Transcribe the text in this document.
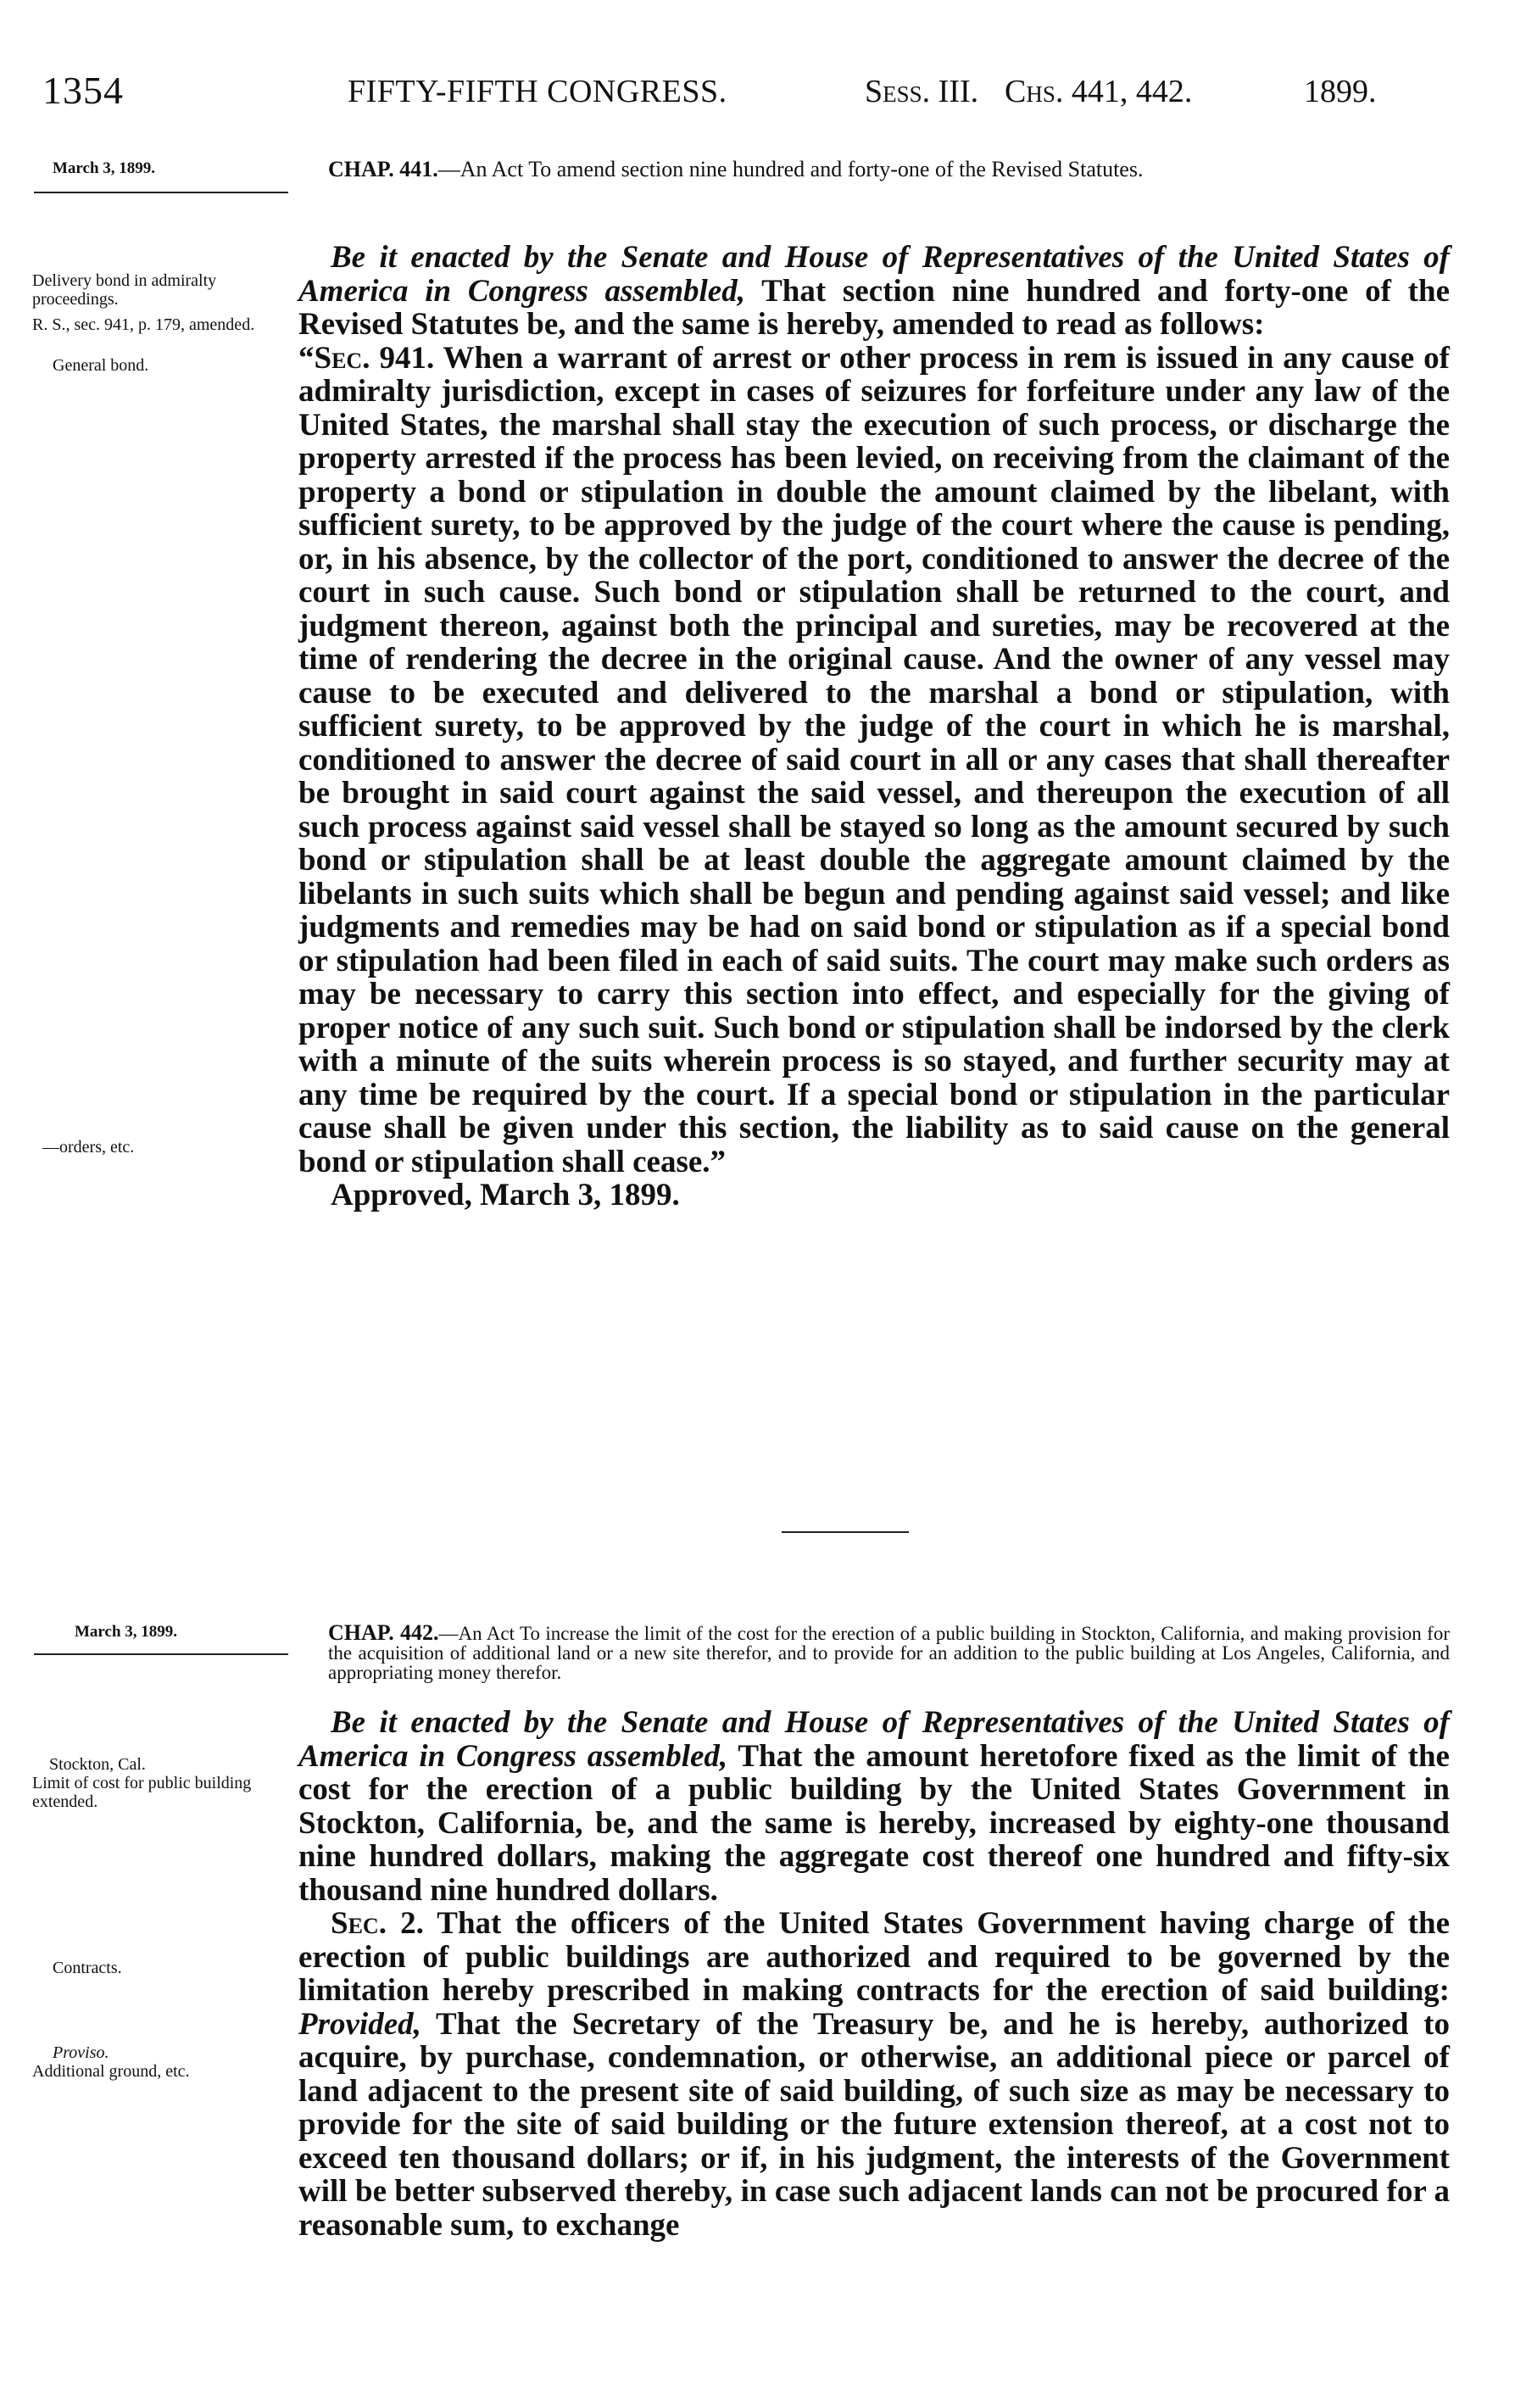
1354	FIFTY-FIFTH CONGRESS.	Sess. III. Chs. 441, 442.	1899.
March 3, 1899.	CHAP. 441.—An Act To amend section nine hundred and forty-one of the Revised Statutes.
Delivery bond in admiralty proceedings.
R. S., sec. 941, p. 179, amended.
General bond.
—orders, etc.

Be it enacted by the Senate and House of Representatives of the United States of America in Congress assembled, That section nine hundred and forty-one of the Revised Statutes be, and the same is hereby, amended to read as follows:

“Sec. 941. When a warrant of arrest or other process in rem is issued in any cause of admiralty jurisdiction, except in cases of seizures for forfeiture under any law of the United States, the marshal shall stay the execution of such process, or discharge the property arrested if the process has been levied, on receiving from the claimant of the property a bond or stipulation in double the amount claimed by the libelant, with sufficient surety, to be approved by the judge of the court where the cause is pending, or, in his absence, by the collector of the port, conditioned to answer the decree of the court in such cause. Such bond or stipulation shall be returned to the court, and judgment thereon, against both the principal and sureties, may be recovered at the time of rendering the decree in the original cause. And the owner of any vessel may cause to be executed and delivered to the marshal a bond or stipulation, with sufficient surety, to be approved by the judge of the court in which he is marshal, conditioned to answer the decree of said court in all or any cases that shall thereafter be brought in said court against the said vessel, and thereupon the execution of all such process against said vessel shall be stayed so long as the amount secured by such bond or stipulation shall be at least double the aggregate amount claimed by the libelants in such suits which shall be begun and pending against said vessel; and like judgments and remedies may be had on said bond or stipulation as if a special bond or stipulation had been filed in each of said suits. The court may make such orders as may be necessary to carry this section into effect, and especially for the giving of proper notice of any such suit. Such bond or stipulation shall be indorsed by the clerk with a minute of the suits wherein process is so stayed, and further security may at any time be required by the court. If a special bond or stipulation in the particular cause shall be given under this section, the liability as to said cause on the general bond or stipulation shall cease.”

Approved, March 3, 1899.

March 3, 1899.	CHAP. 442.—An Act To increase the limit of the cost for the erection of a public building in Stockton, California, and making provision for the acquisition of additional land or a new site therefor, and to provide for an addition to the public building at Los Angeles, California, and appropriating money therefor.
Stockton, Cal.
Limit of cost for public building extended.
Contracts.
Proviso.
Additional ground, etc.

Be it enacted by the Senate and House of Representatives of the United States of America in Congress assembled, That the amount heretofore fixed as the limit of the cost for the erection of a public building by the United States Government in Stockton, California, be, and the same is hereby, increased by eighty-one thousand nine hundred dollars, making the aggregate cost thereof one hundred and fifty-six thousand nine hundred dollars.

Sec. 2. That the officers of the United States Government having charge of the erection of public buildings are authorized and required to be governed by the limitation hereby prescribed in making contracts for the erection of said building: Provided, That the Secretary of the Treasury be, and he is hereby, authorized to acquire, by purchase, condemnation, or otherwise, an additional piece or parcel of land adjacent to the present site of said building, of such size as may be necessary to provide for the site of said building or the future extension thereof, at a cost not to exceed ten thousand dollars; or if, in his judgment, the interests of the Government will be better subserved thereby, in case such adjacent lands can not be procured for a reasonable sum, to exchange
